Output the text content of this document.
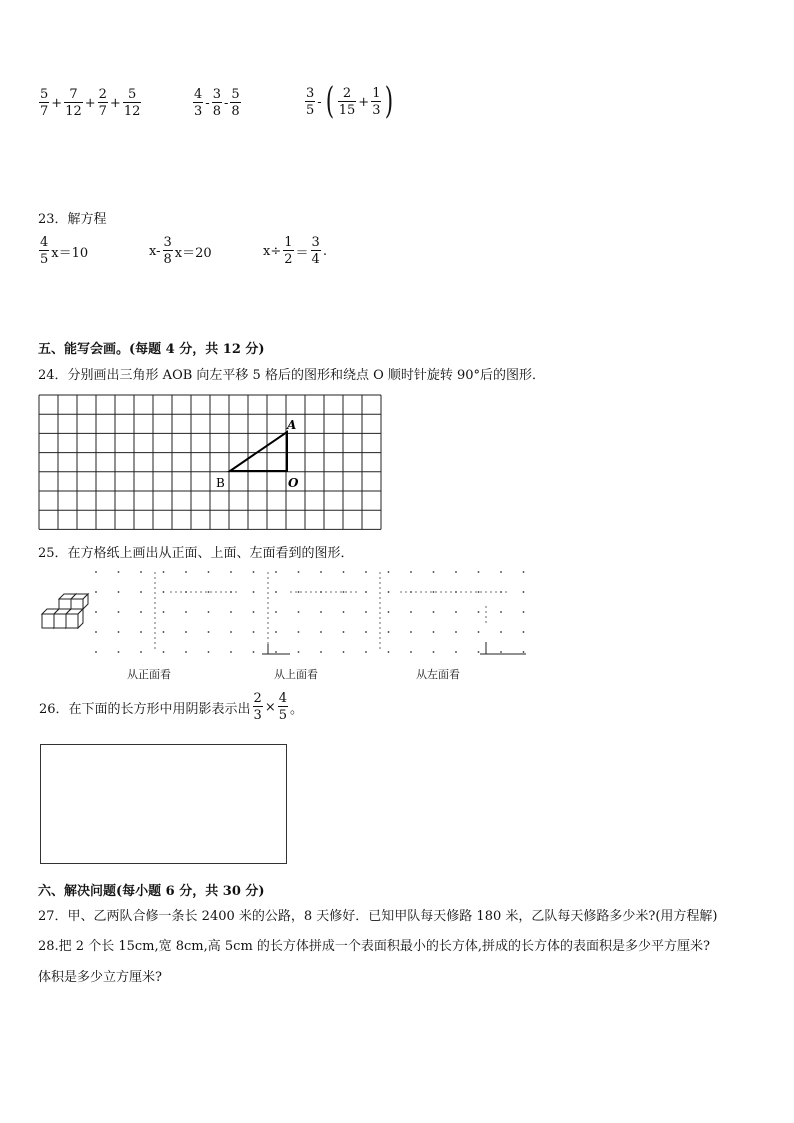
$\frac{5}{7} + \frac{7}{12} + \frac{2}{7} + \frac{5}{12}$	$\frac{4}{3} - \frac{3}{8} - \frac{5}{8}$	$\frac{3}{5}$ - ( $\frac{2}{15} + \frac{1}{3}$ )
23．解方程
$\frac{4}{5} x=10$	$x- \frac{3}{8} x=20$	$x\div \frac{1}{2} = \frac{3}{4}$ .
五、能写会画。(每题 4 分，共 12 分)
24．分别画出三角形 AOB 向左平移 5 格后的图形和绕点 O 顺时针旋转 90°后的图形．
A
B	O
25．在方格纸上画出从正面、上面、左面看到的图形．
从正面看	从上面看	从左面看
26．在下面的长方形中用阴影表示出 $\frac{2}{3} \times \frac{4}{5}$ 。
六、解决问题(每小题 6 分，共 30 分)
27．甲、乙两队合修一条长 2400 米的公路，8 天修好．已知甲队每天修路 180 米，乙队每天修路多少米?(用方程解)
28.把 2 个长 15cm,宽 8cm,高 5cm 的长方体拼成一个表面积最小的长方体,拼成的长方体的表面积是多少平方厘米?
体积是多少立方厘米?
